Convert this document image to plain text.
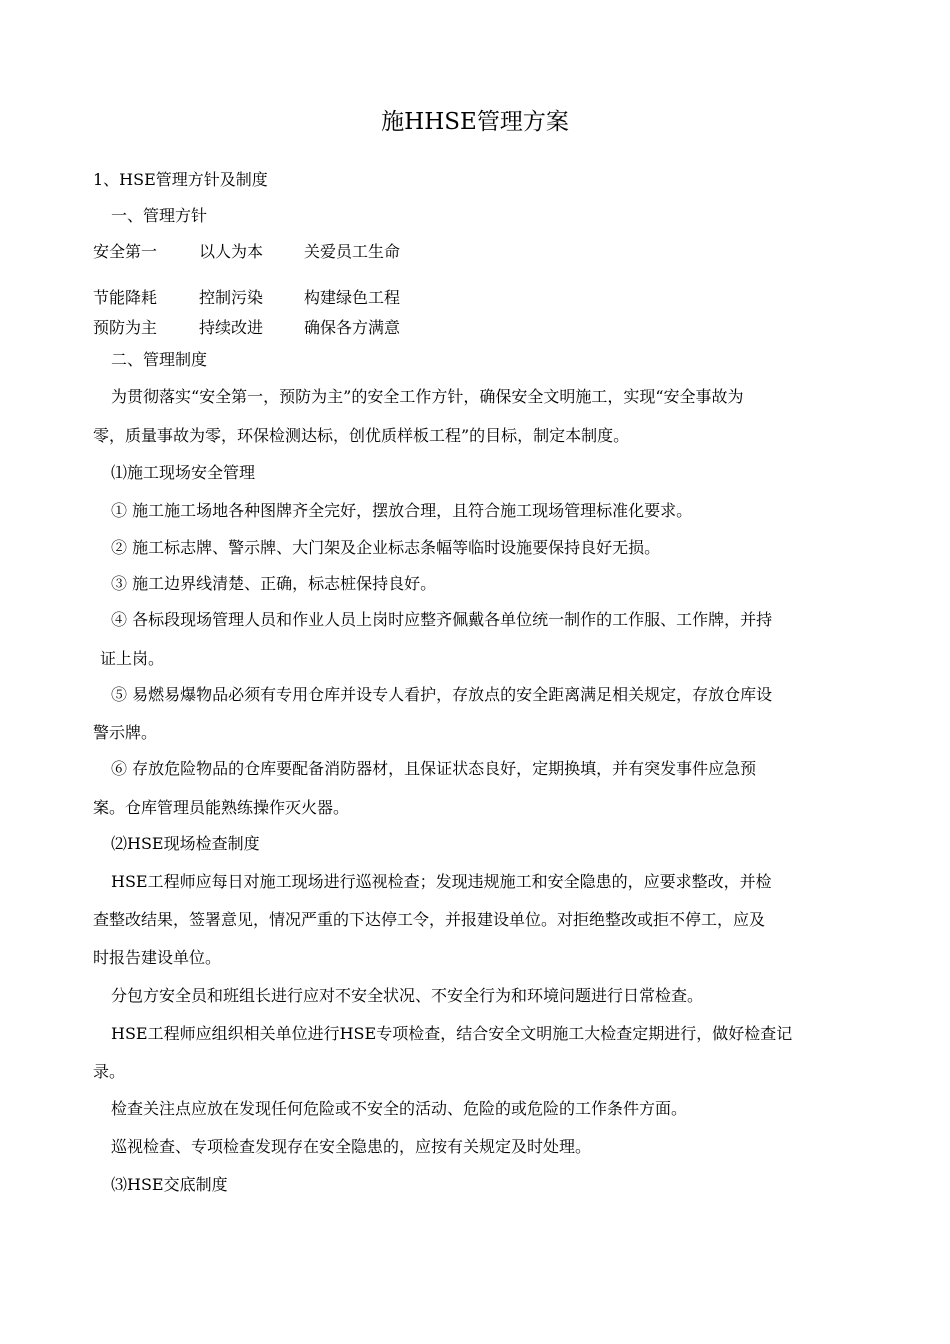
施HHSE管理方案
1、HSE管理方针及制度
一、管理方针
安全第一	以人为本	关爱员工生命
节能降耗	控制污染	构建绿色工程
预防为主	持续改进	确保各方满意
二、管理制度
为贯彻落实“安全第一，预防为主”的安全工作方针，确保安全文明施工，实现“安全事故为
零，质量事故为零，环保检测达标，创优质样板工程”的目标，制定本制度。
⑴施工现场安全管理
① 施工施工场地各种图牌齐全完好，摆放合理，且符合施工现场管理标准化要求。
② 施工标志牌、警示牌、大门架及企业标志条幅等临时设施要保持良好无损。
③ 施工边界线清楚、正确，标志桩保持良好。
④ 各标段现场管理人员和作业人员上岗时应整齐佩戴各单位统一制作的工作服、工作牌，并持
证上岗。
⑤ 易燃易爆物品必须有专用仓库并设专人看护，存放点的安全距离满足相关规定，存放仓库设
警示牌。
⑥ 存放危险物品的仓库要配备消防器材，且保证状态良好，定期换填，并有突发事件应急预
案。仓库管理员能熟练操作灭火器。
⑵HSE现场检查制度
HSE工程师应每日对施工现场进行巡视检查；发现违规施工和安全隐患的，应要求整改，并检
查整改结果，签署意见，情况严重的下达停工令，并报建设单位。对拒绝整改或拒不停工，应及
时报告建设单位。
分包方安全员和班组长进行应对不安全状况、不安全行为和环境问题进行日常检查。
HSE工程师应组织相关单位进行HSE专项检查，结合安全文明施工大检查定期进行，做好检查记
录。
检查关注点应放在发现任何危险或不安全的活动、危险的或危险的工作条件方面。
巡视检查、专项检查发现存在安全隐患的，应按有关规定及时处理。
⑶HSE交底制度
